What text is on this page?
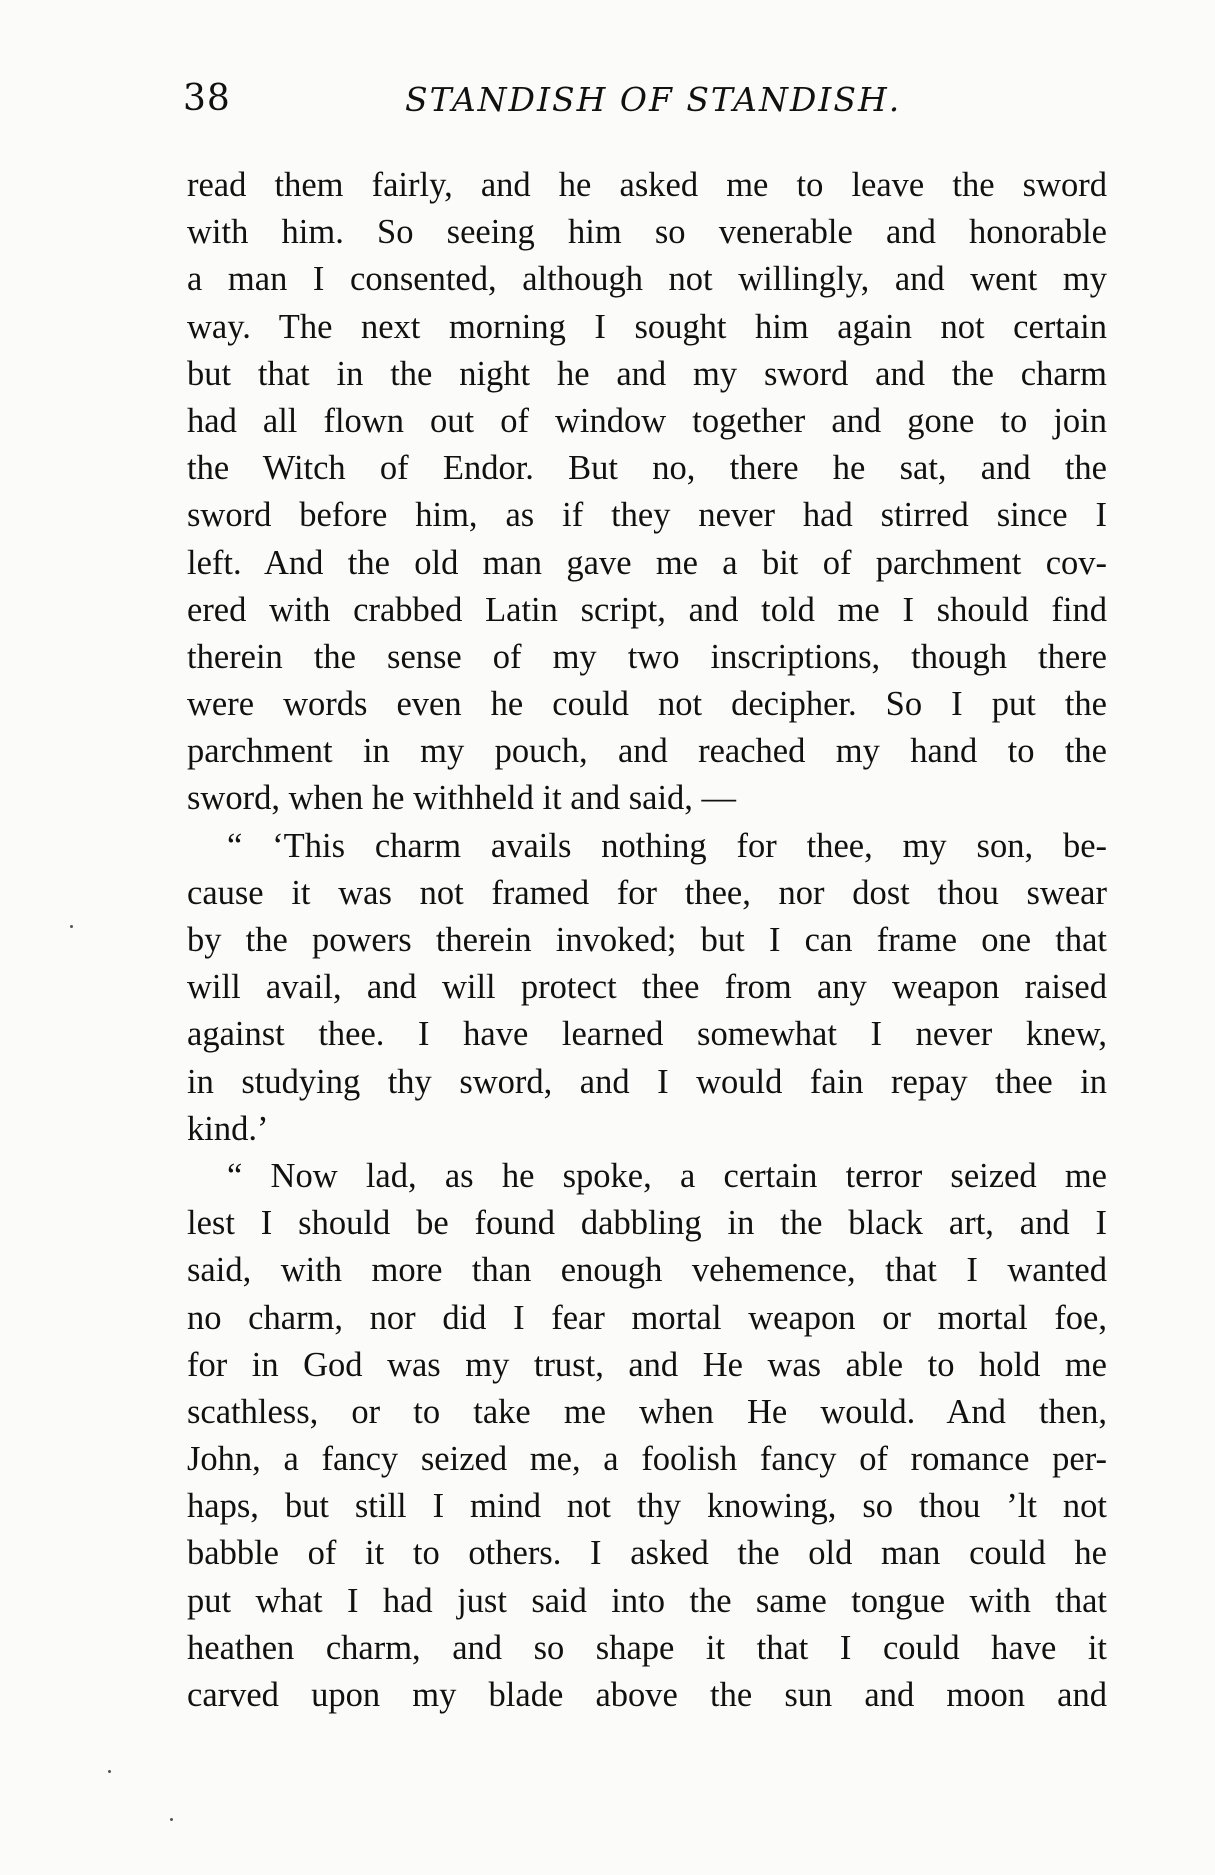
38	STANDISH OF STANDISH.
read them fairly, and he asked me to leave the sword
with him. So seeing him so venerable and honorable
a man I consented, although not willingly, and went my
way. The next morning I sought him again not certain
but that in the night he and my sword and the charm
had all flown out of window together and gone to join
the Witch of Endor. But no, there he sat, and the
sword before him, as if they never had stirred since I
left. And the old man gave me a bit of parchment cov-
ered with crabbed Latin script, and told me I should find
therein the sense of my two inscriptions, though there
were words even he could not decipher. So I put the
parchment in my pouch, and reached my hand to the
sword, when he withheld it and said, —
“ ‘This charm avails nothing for thee, my son, be-
cause it was not framed for thee, nor dost thou swear
by the powers therein invoked; but I can frame one that
will avail, and will protect thee from any weapon raised
against thee. I have learned somewhat I never knew,
in studying thy sword, and I would fain repay thee in
kind.’
“ Now lad, as he spoke, a certain terror seized me
lest I should be found dabbling in the black art, and I
said, with more than enough vehemence, that I wanted
no charm, nor did I fear mortal weapon or mortal foe,
for in God was my trust, and He was able to hold me
scathless, or to take me when He would. And then,
John, a fancy seized me, a foolish fancy of romance per-
haps, but still I mind not thy knowing, so thou ’lt not
babble of it to others. I asked the old man could he
put what I had just said into the same tongue with that
heathen charm, and so shape it that I could have it
carved upon my blade above the sun and moon and
